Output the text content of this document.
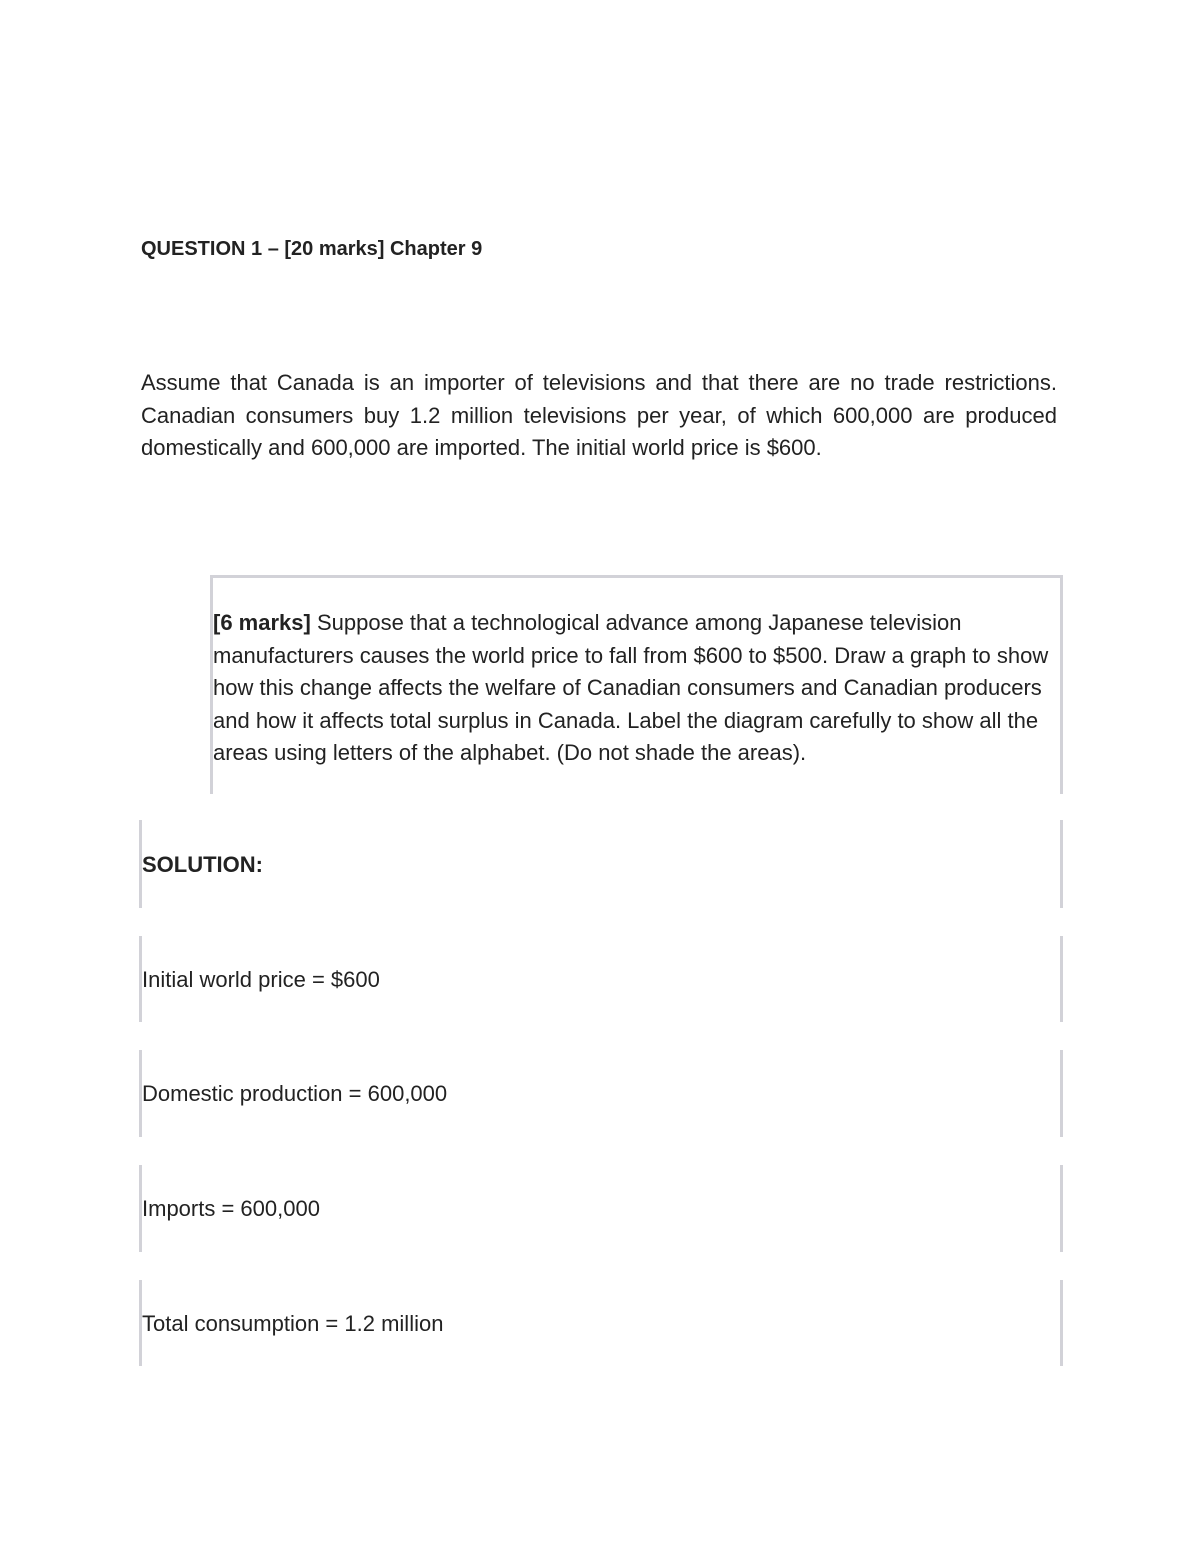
QUESTION 1 – [20 marks] Chapter 9

Assume that Canada is an importer of televisions and that there are no trade restrictions. Canadian consumers buy 1.2 million televisions per year, of which 600,000 are produced domestically and 600,000 are imported. The initial world price is $600.

[6 marks] Suppose that a technological advance among Japanese television manufacturers causes the world price to fall from $600 to $500. Draw a graph to show how this change affects the welfare of Canadian consumers and Canadian producers and how it affects total surplus in Canada. Label the diagram carefully to show all the areas using letters of the alphabet. (Do not shade the areas).

SOLUTION:
Initial world price = $600
Domestic production = 600,000
Imports = 600,000
Total consumption = 1.2 million
